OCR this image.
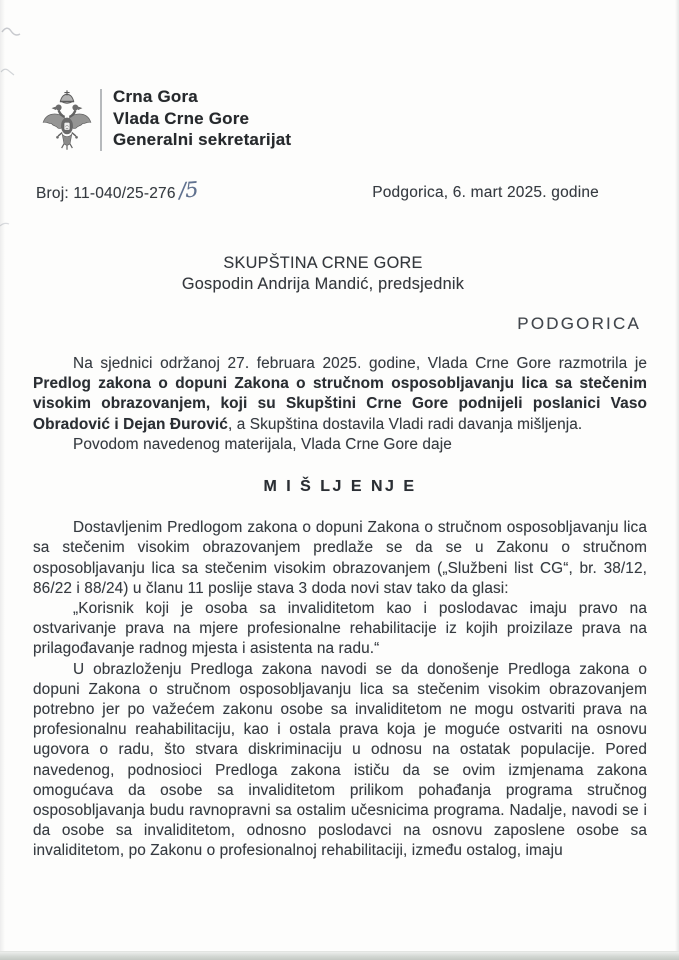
Crna Gora
Vlada Crne Gore
Generalni sekretarijat
Broj: 11-040/25-276 /5	Podgorica, 6. mart 2025. godine
SKUPŠTINA CRNE GORE
Gospodin Andrija Mandić, predsjednik
PODGORICA

Na sjednici održanoj 27. februara 2025. godine, Vlada Crne Gore razmotrila je Predlog zakona o dopuni Zakona o stručnom osposobljavanju lica sa stečenim visokim obrazovanjem, koji su Skupštini Crne Gore podnijeli poslanici Vaso Obradović i Dejan Đurović, a Skupština dostavila Vladi radi davanja mišljenja.

Povodom navedenog materijala, Vlada Crne Gore daje

M I Š LJ E NJ E

Dostavljenim Predlogom zakona o dopuni Zakona o stručnom osposobljavanju lica sa stečenim visokim obrazovanjem predlaže se da se u Zakonu o stručnom osposobljavanju lica sa stečenim visokim obrazovanjem („Službeni list CG“, br. 38/12, 86/22 i 88/24) u članu 11 poslije stava 3 doda novi stav tako da glasi:

„Korisnik koji je osoba sa invaliditetom kao i poslodavac imaju pravo na ostvarivanje prava na mjere profesionalne rehabilitacije iz kojih proizilaze prava na prilagođavanje radnog mjesta i asistenta na radu.“

U obrazloženju Predloga zakona navodi se da donošenje Predloga zakona o dopuni Zakona o stručnom osposobljavanju lica sa stečenim visokim obrazovanjem potrebno jer po važećem zakonu osobe sa invaliditetom ne mogu ostvariti prava na profesionalnu reahabilitaciju, kao i ostala prava koja je moguće ostvariti na osnovu ugovora o radu, što stvara diskriminaciju u odnosu na ostatak populacije. Pored navedenog, podnosioci Predloga zakona ističu da se ovim izmjenama zakona omogućava da osobe sa invaliditetom prilikom pohađanja programa stručnog osposobljavanja budu ravnopravni sa ostalim učesnicima programa. Nadalje, navodi se i da osobe sa invaliditetom, odnosno poslodavci na osnovu zaposlene osobe sa invaliditetom, po Zakonu o profesionalnoj rehabilitaciji, između ostalog, imaju
